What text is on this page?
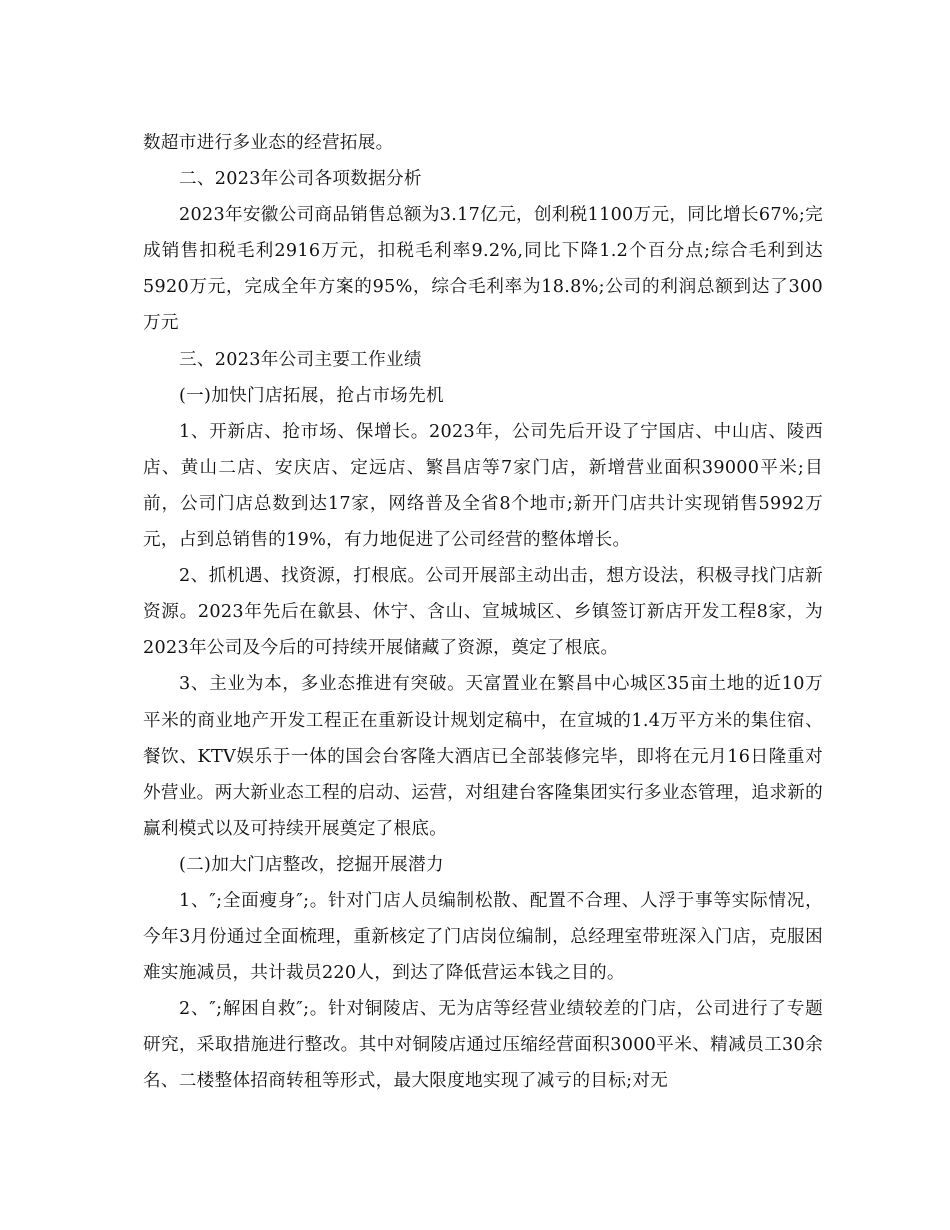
数超市进行多业态的经营拓展。

二、2023年公司各项数据分析

2023年安徽公司商品销售总额为3.17亿元，创利税1100万元，同比增长67%;完成销售扣税毛利2916万元，扣税毛利率9.2%,同比下降1.2个百分点;综合毛利到达5920万元，完成全年方案的95%，综合毛利率为18.8%;公司的利润总额到达了300万元

三、2023年公司主要工作业绩

(一)加快门店拓展，抢占市场先机

1、开新店、抢市场、保增长。2023年，公司先后开设了宁国店、中山店、陵西店、黄山二店、安庆店、定远店、繁昌店等7家门店，新增营业面积39000平米;目前，公司门店总数到达17家，网络普及全省8个地市;新开门店共计实现销售5992万元，占到总销售的19%，有力地促进了公司经营的整体增长。

2、抓机遇、找资源，打根底。公司开展部主动出击，想方设法，积极寻找门店新资源。2023年先后在歙县、休宁、含山、宣城城区、乡镇签订新店开发工程8家，为2023年公司及今后的可持续开展储藏了资源，奠定了根底。

3、主业为本，多业态推进有突破。天富置业在繁昌中心城区35亩土地的近10万平米的商业地产开发工程正在重新设计规划定稿中，在宣城的1.4万平方米的集住宿、餐饮、KTV娱乐于一体的国会台客隆大酒店已全部装修完毕，即将在元月16日隆重对外营业。两大新业态工程的启动、运营，对组建台客隆集团实行多业态管理，追求新的赢利模式以及可持续开展奠定了根底。

(二)加大门店整改，挖掘开展潜力

1、″;全面瘦身″;。针对门店人员编制松散、配置不合理、人浮于事等实际情况，今年3月份通过全面梳理，重新核定了门店岗位编制，总经理室带班深入门店，克服困难实施减员，共计裁员220人，到达了降低营运本钱之目的。

2、″;解困自救″;。针对铜陵店、无为店等经营业绩较差的门店，公司进行了专题研究，采取措施进行整改。其中对铜陵店通过压缩经营面积3000平米、精减员工30余名、二楼整体招商转租等形式，最大限度地实现了减亏的目标;对无
